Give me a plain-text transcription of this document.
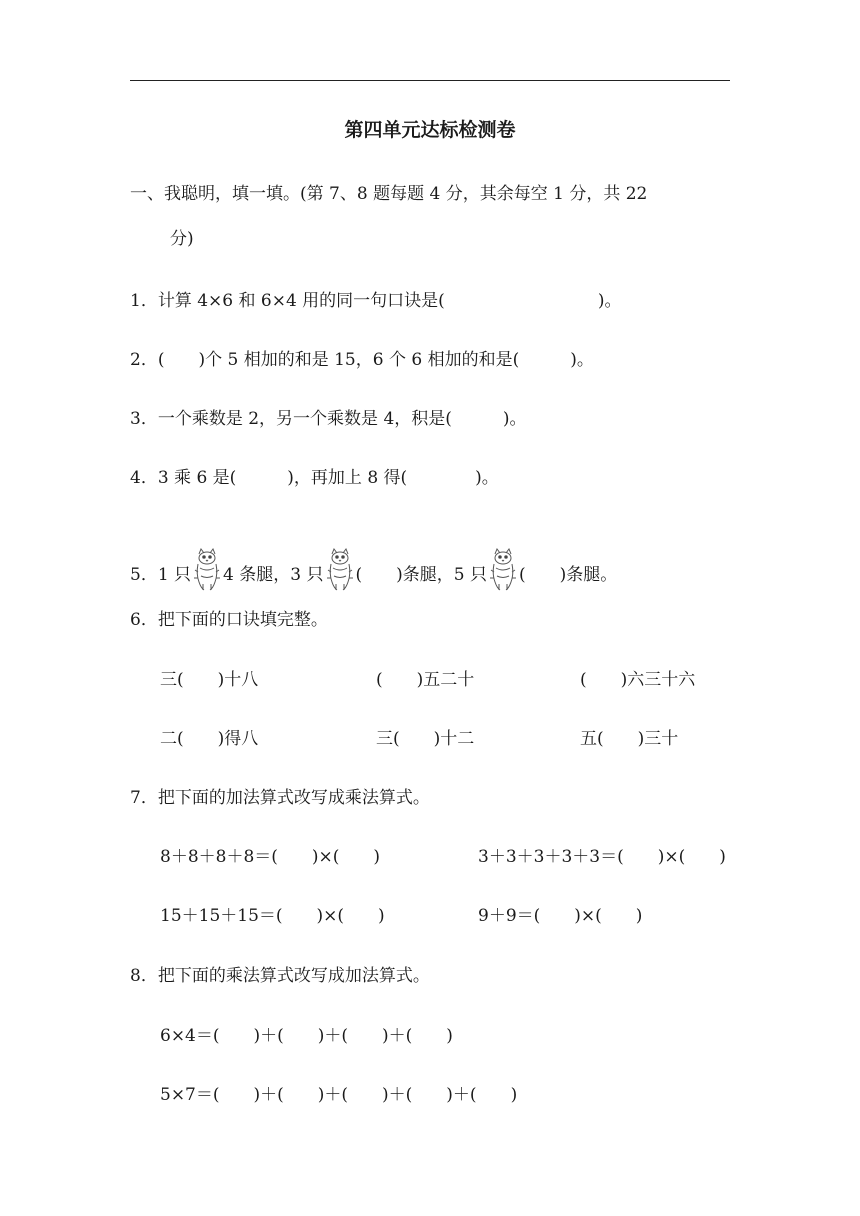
第四单元达标检测卷
一、我聪明，填一填。(第 7、8 题每题 4 分，其余每空 1 分，共 22
分)
1．计算 4×6 和 6×4 用的同一句口诀是(　　　　　　　　　)。
2．(　　)个 5 相加的和是 15，6 个 6 相加的和是(　　　)。
3．一个乘数是 2，另一个乘数是 4，积是(　　　)。
4．3 乘 6 是(　　　)，再加上 8 得(　　　　)。
5．1 只 4 条腿，3 只 (　　)条腿，5 只 (　　)条腿。
6．把下面的口诀填完整。
三(　　)十八	(　　)五二十	(　　)六三十六
二(　　)得八	三(　　)十二	五(　　)三十
7．把下面的加法算式改写成乘法算式。
8＋8＋8＋8＝(　　)×(　　)	3＋3＋3＋3＋3＝(　　)×(　　)
15＋15＋15＝(　　)×(　　)	9＋9＝(　　)×(　　)
8．把下面的乘法算式改写成加法算式。
6×4＝(　　)＋(　　)＋(　　)＋(　　)
5×7＝(　　)＋(　　)＋(　　)＋(　　)＋(　　)
